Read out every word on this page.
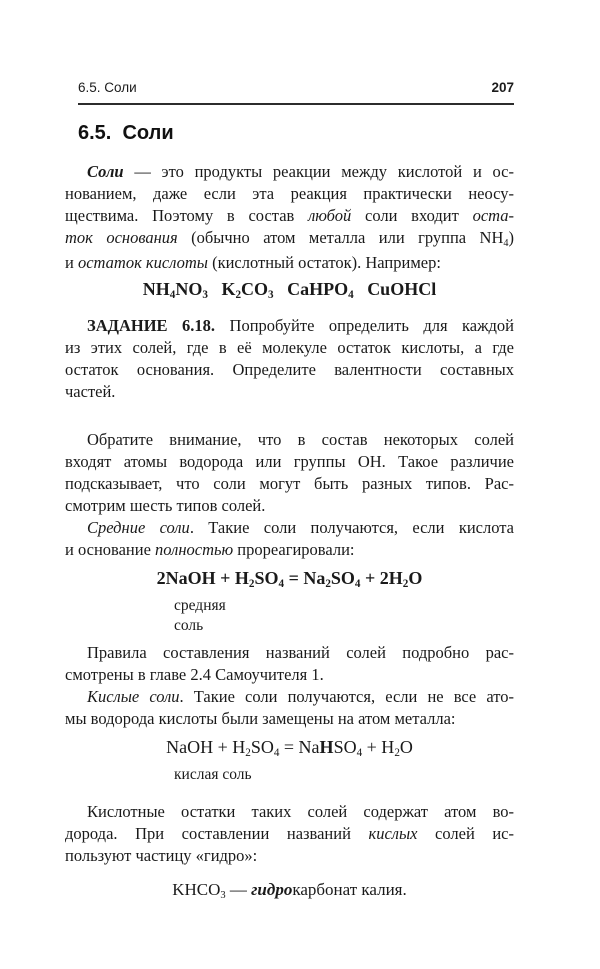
6.5. Соли	207
6.5.  Соли
Соли — это продукты реакции между кислотой и ос-
нованием, даже если эта реакция практически неосу-
ществима. Поэтому в состав любой соли входит оста-
ток основания (обычно атом металла или группа NH4)
и остаток кислоты (кислотный остаток). Например:
NH4NO3 K2CO3 CaHPO4 CuOHCl
ЗАДАНИЕ 6.18. Попробуйте определить для каждой
из этих солей, где в её молекуле остаток кислоты, а где
остаток основания. Определите валентности составных
частей.
Обратите внимание, что в состав некоторых солей
входят атомы водорода или группы OH. Такое различие
подсказывает, что соли могут быть разных типов. Рас-
смотрим шесть типов солей.
Средние соли. Такие соли получаются, если кислота
и основание полностью прореагировали:
2NaOH + H2SO4 = Na2SO4 + 2H2O
средняя
соль
Правила составления названий солей подробно рас-
смотрены в главе 2.4 Самоучителя 1.
Кислые соли. Такие соли получаются, если не все ато-
мы водорода кислоты были замещены на атом металла:
NaOH + H2SO4 = NaHSO4 + H2O
кислая соль
Кислотные остатки таких солей содержат атом во-
дорода. При составлении названий кислых солей ис-
пользуют частицу «гидро»:
KHCO3 — гидрокарбонат калия.
